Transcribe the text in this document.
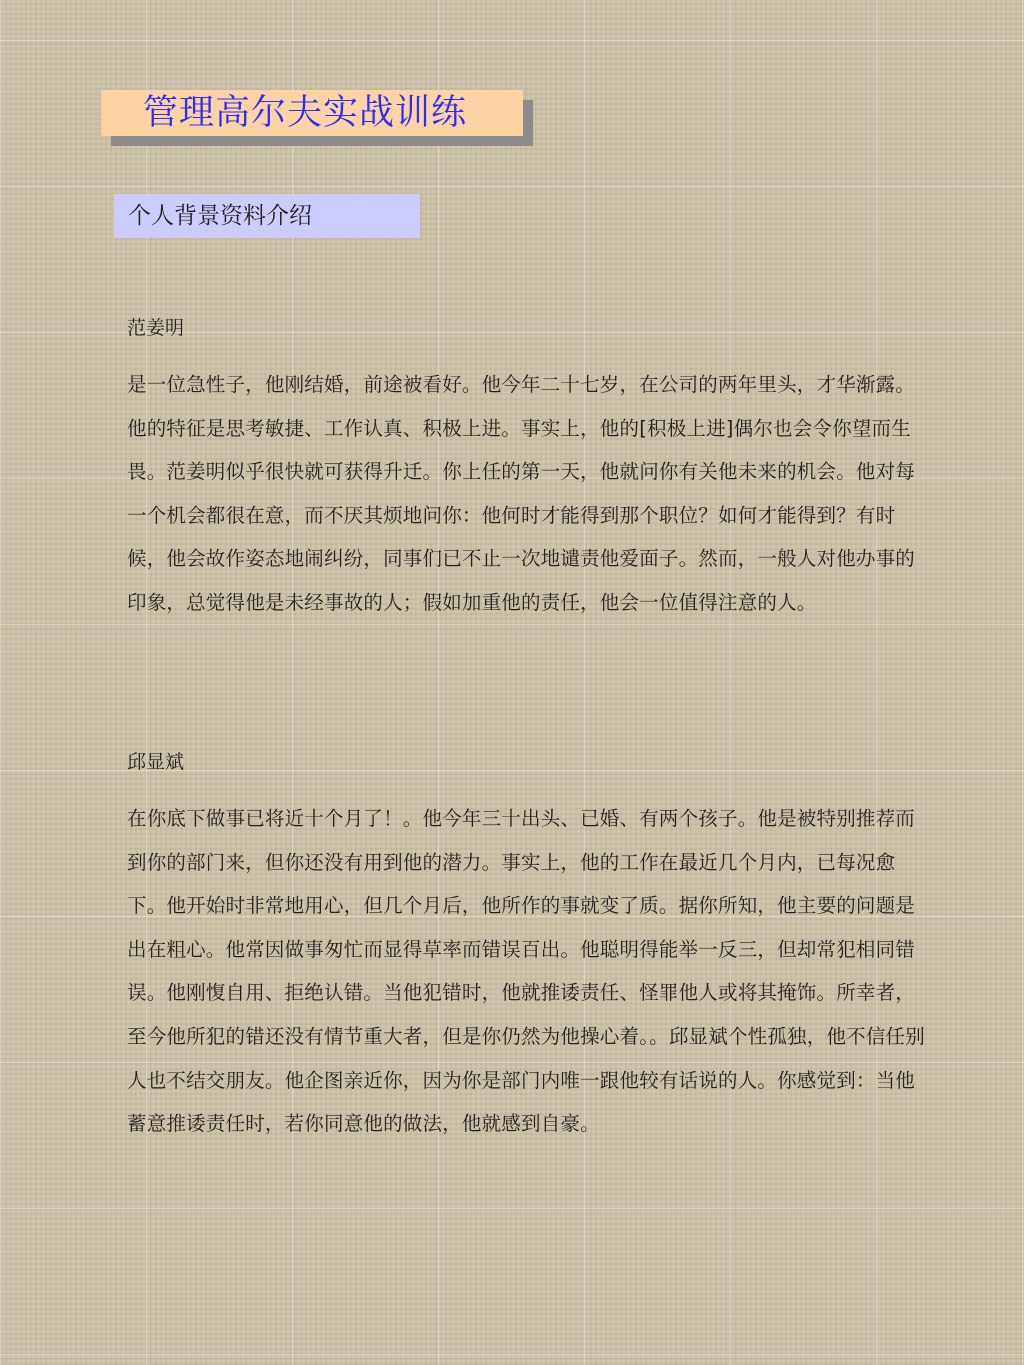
管理高尔夫实战训练
个人背景资料介绍
范姜明
是一位急性子，他刚结婚，前途被看好。他今年二十七岁，在公司的两年里头，才华渐露。他的特征是思考敏捷、工作认真、积极上进。事实上，他的[积极上进]偶尔也会令你望而生畏。范姜明似乎很快就可获得升迁。你上任的第一天，他就问你有关他未来的机会。他对每一个机会都很在意，而不厌其烦地问你：他何时才能得到那个职位？如何才能得到？有时候，他会故作姿态地闹纠纷，同事们已不止一次地谴责他爱面子。然而，一般人对他办事的印象，总觉得他是未经事故的人；假如加重他的责任，他会一位值得注意的人。
邱显斌
在你底下做事已将近十个月了！。他今年三十出头、已婚、有两个孩子。他是被特别推荐而到你的部门来，但你还没有用到他的潜力。事实上，他的工作在最近几个月内，已每况愈下。他开始时非常地用心，但几个月后，他所作的事就变了质。据你所知，他主要的问题是出在粗心。他常因做事匆忙而显得草率而错误百出。他聪明得能举一反三，但却常犯相同错误。他刚愎自用、拒绝认错。当他犯错时，他就推诿责任、怪罪他人或将其掩饰。所幸者，至今他所犯的错还没有情节重大者，但是你仍然为他操心着。。邱显斌个性孤独，他不信任别人也不结交朋友。他企图亲近你，因为你是部门内唯一跟他较有话说的人。你感觉到：当他蓄意推诿责任时，若你同意他的做法，他就感到自豪。
